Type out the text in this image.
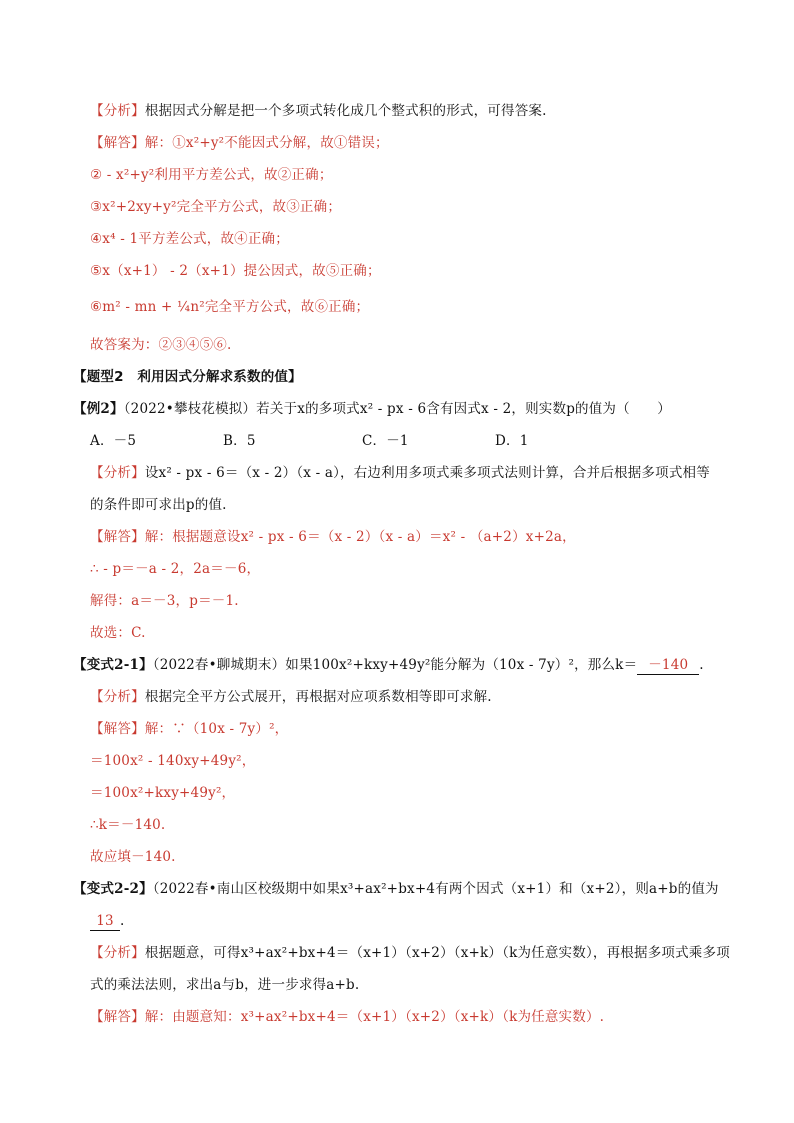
【分析】根据因式分解是把一个多项式转化成几个整式积的形式，可得答案.
【解答】解：①x²+y²不能因式分解，故①错误；
② - x²+y²利用平方差公式，故②正确；
③x²+2xy+y²完全平方公式，故③正确；
④x⁴ - 1平方差公式，故④正确；
⑤x（x+1） - 2（x+1）提公因式，故⑤正确；
⑥m² - mn + ¼n²完全平方公式，故⑥正确；
故答案为：②③④⑤⑥.
【题型2　利用因式分解求系数的值】
【例2】（2022•攀枝花模拟）若关于x的多项式x² - px - 6含有因式x - 2，则实数p的值为（　　）
A．－5	B．5	C．－1	D．1
【分析】设x² - px - 6＝（x - 2）（x - a），右边利用多项式乘多项式法则计算，合并后根据多项式相等
的条件即可求出p的值.
【解答】解：根据题意设x² - px - 6＝（x - 2）（x - a）＝x² - （a+2）x+2a，
∴ - p＝－a - 2，2a＝－6，
解得：a＝－3，p＝－1.
故选：C.
【变式2-1】（2022春•聊城期末）如果100x²+kxy+49y²能分解为（10x - 7y）²，那么k＝ －140 .
【分析】根据完全平方公式展开，再根据对应项系数相等即可求解.
【解答】解：∵（10x - 7y）²，
＝100x² - 140xy+49y²，
＝100x²+kxy+49y²，
∴k＝－140.
故应填－140.
【变式2-2】（2022春•南山区校级期中如果x³+ax²+bx+4有两个因式（x+1）和（x+2），则a+b的值为
13 .
【分析】根据题意，可得x³+ax²+bx+4＝（x+1）（x+2）（x+k）（k为任意实数），再根据多项式乘多项
式的乘法法则，求出a与b，进一步求得a+b.
【解答】解：由题意知：x³+ax²+bx+4＝（x+1）（x+2）（x+k）（k为任意实数）.
